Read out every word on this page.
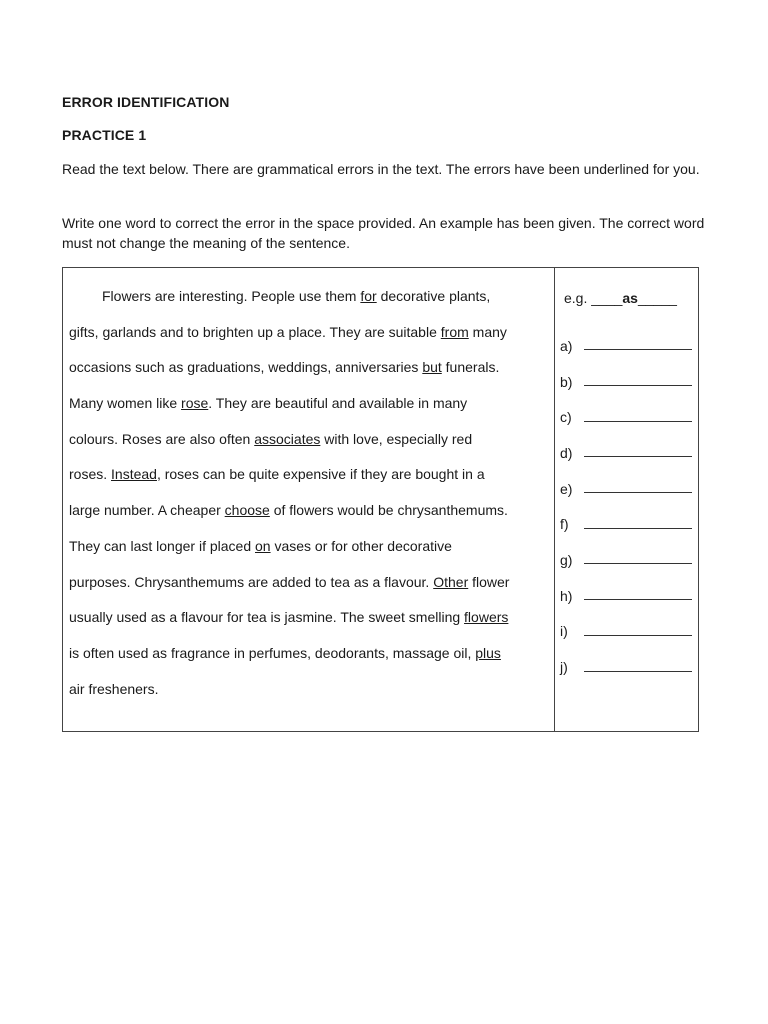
ERROR IDENTIFICATION
PRACTICE 1
Read the text below. There are grammatical errors in the text. The errors have been underlined for you.
Write one word to correct the error in the space provided. An example has been given. The correct word must not change the meaning of the sentence.
Flowers are interesting. People use them for decorative plants,
gifts, garlands and to brighten up a place. They are suitable from many
occasions such as graduations, weddings, anniversaries but funerals.
Many women like rose. They are beautiful and available in many
colours. Roses are also often associates with love, especially red
roses. Instead, roses can be quite expensive if they are bought in a
large number. A cheaper choose of flowers would be chrysanthemums.
They can last longer if placed on vases or for other decorative
purposes. Chrysanthemums are added to tea as a flavour. Other flower
usually used as a flavour for tea is jasmine. The sweet smelling flowers
is often used as fragrance in perfumes, deodorants, massage oil, plus
air fresheners.
e.g. ____as_____
a)
b)
c)
d)
e)
f)
g)
h)
i)
j)
